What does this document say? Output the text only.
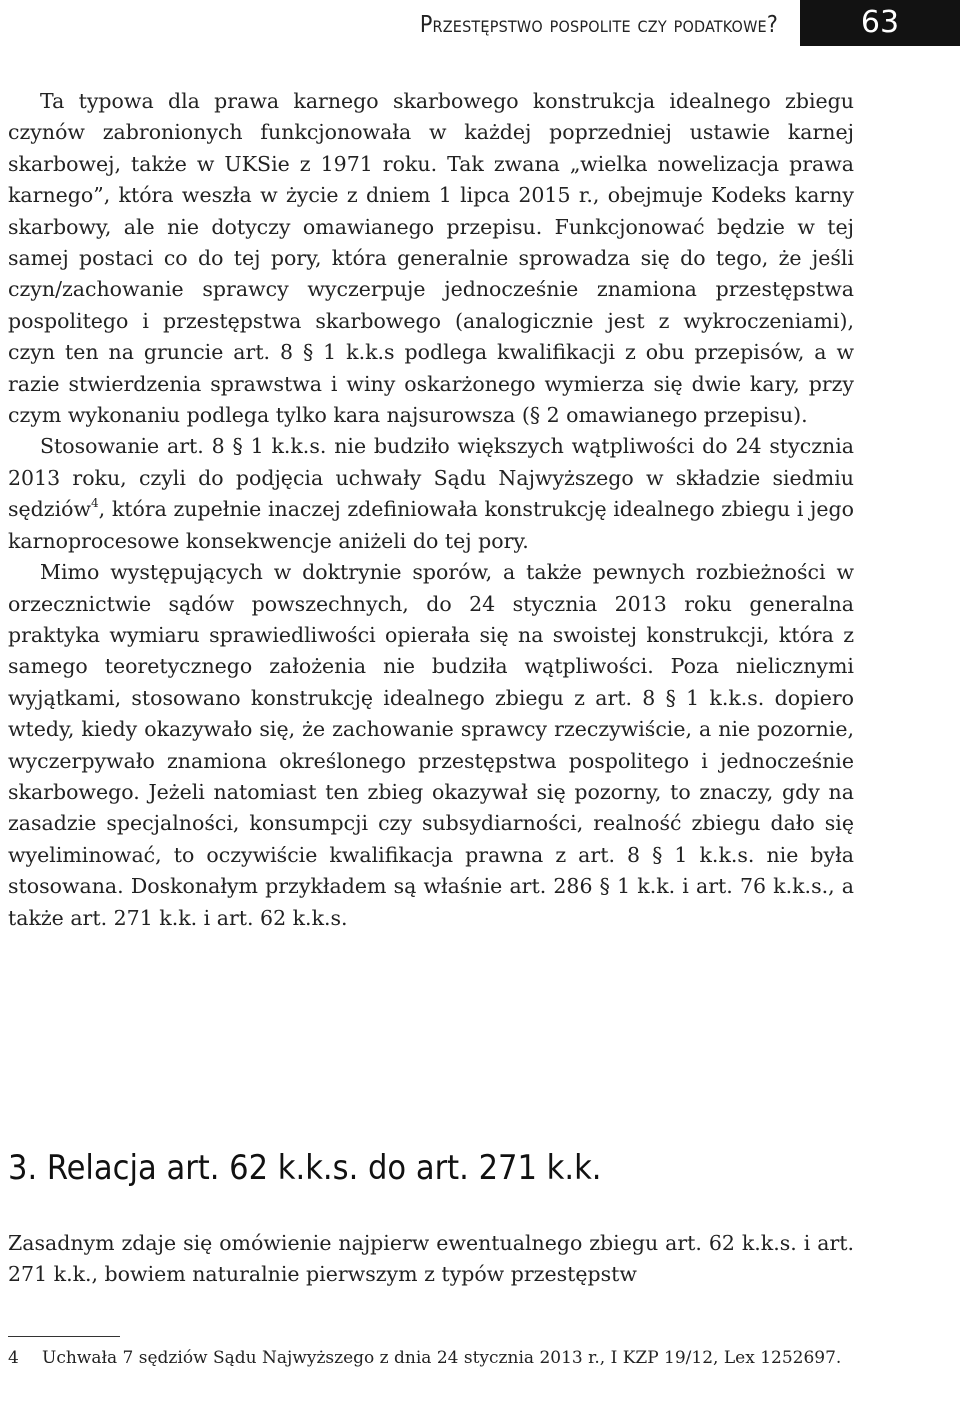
Przestępstwo pospolite czy podatkowe?	63

Ta typowa dla prawa karnego skarbowego konstrukcja idealnego zbiegu czynów zabronionych funkcjonowała w każdej poprzedniej ustawie karnej skarbowej, także w UKSie z 1971 roku. Tak zwana „wielka nowelizacja prawa karnego”, która weszła w życie z dniem 1 lipca 2015 r., obejmuje Kodeks karny skarbowy, ale nie dotyczy omawianego przepisu. Funkcjonować będzie w tej samej postaci co do tej pory, która generalnie sprowadza się do tego, że jeśli czyn/zachowanie sprawcy wyczerpuje jednocześnie znamiona przestępstwa pospolitego i przestępstwa skarbowego (analogicznie jest z wykroczeniami), czyn ten na gruncie art. 8 § 1 k.k.s podlega kwalifikacji z obu przepisów, a w razie stwierdzenia sprawstwa i winy oskarżonego wymierza się dwie kary, przy czym wykonaniu podlega tylko kara najsurowsza (§ 2 omawianego przepisu).

Stosowanie art. 8 § 1 k.k.s. nie budziło większych wątpliwości do 24 stycznia 2013 roku, czyli do podjęcia uchwały Sądu Najwyższego w składzie siedmiu sędziów$^4$, która zupełnie inaczej zdefiniowała konstrukcję idealnego zbiegu i jego karnoprocesowe konsekwencje aniżeli do tej pory.

Mimo występujących w doktrynie sporów, a także pewnych rozbieżności w orzecznictwie sądów powszechnych, do 24 stycznia 2013 roku generalna praktyka wymiaru sprawiedliwości opierała się na swoistej konstrukcji, która z samego teoretycznego założenia nie budziła wątpliwości. Poza nielicznymi wyjątkami, stosowano konstrukcję idealnego zbiegu z art. 8 § 1 k.k.s. dopiero wtedy, kiedy okazywało się, że zachowanie sprawcy rzeczywiście, a nie pozornie, wyczerpywało znamiona określonego przestępstwa pospolitego i jednocześnie skarbowego. Jeżeli natomiast ten zbieg okazywał się pozorny, to znaczy, gdy na zasadzie specjalności, konsumpcji czy subsydiarności, realność zbiegu dało się wyeliminować, to oczywiście kwalifikacja prawna z art. 8 § 1 k.k.s. nie była stosowana. Doskonałym przykładem są właśnie art. 286 § 1 k.k. i art. 76 k.k.s., a także art. 271 k.k. i art. 62 k.k.s.

3. Relacja art. 62 k.k.s. do art. 271 k.k.

Zasadnym zdaje się omówienie najpierw ewentualnego zbiegu art. 62 k.k.s. i art. 271 k.k., bowiem naturalnie pierwszym z typów przestępstw

4	Uchwała 7 sędziów Sądu Najwyższego z dnia 24 stycznia 2013 r., I KZP 19/12, Lex 1252697.
